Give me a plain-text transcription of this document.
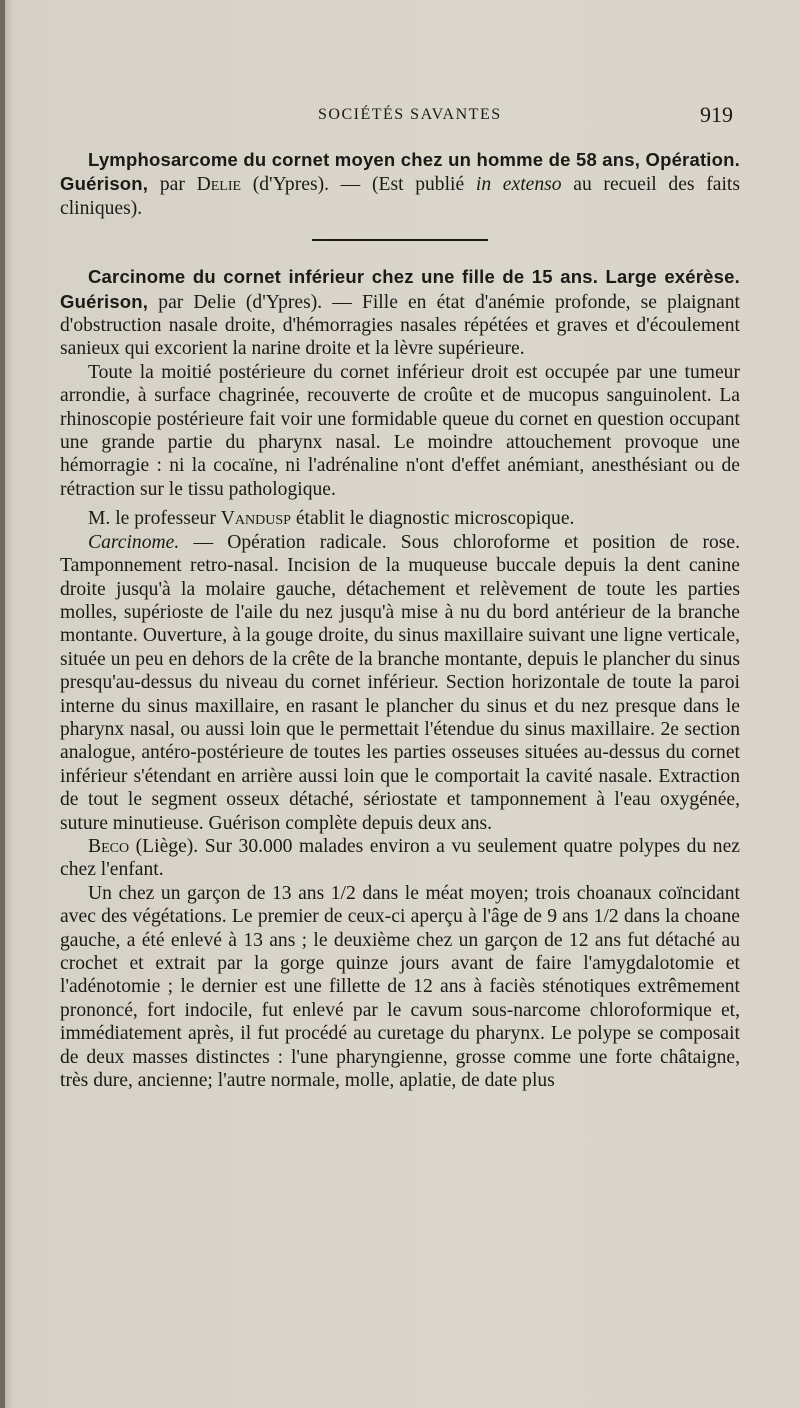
SOCIÉTÉS SAVANTES	919

Lymphosarcome du cornet moyen chez un homme de 58 ans, Opération. Guérison, par Delie (d'Ypres). — (Est publié in extenso au recueil des faits cliniques).

Carcinome du cornet inférieur chez une fille de 15 ans. Large exérèse. Guérison, par Delie (d'Ypres). — Fille en état d'anémie profonde, se plaignant d'obstruction nasale droite, d'hémorragies nasales répétées et graves et d'écoulement sanieux qui excorient la narine droite et la lèvre supérieure.

Toute la moitié postérieure du cornet inférieur droit est occupée par une tumeur arrondie, à surface chagrinée, recouverte de croûte et de mucopus sanguinolent. La rhinoscopie postérieure fait voir une formidable queue du cornet en question occupant une grande partie du pharynx nasal. Le moindre attouchement provoque une hémorragie : ni la cocaïne, ni l'adrénaline n'ont d'effet anémiant, anesthésiant ou de rétraction sur le tissu pathologique.

M. le professeur Vandusp établit le diagnostic microscopique.

Carcinome. — Opération radicale. Sous chloroforme et position de rose. Tamponnement retro-nasal. Incision de la muqueuse buccale depuis la dent canine droite jusqu'à la molaire gauche, détachement et relèvement de toute les parties molles, supérioste de l'aile du nez jusqu'à mise à nu du bord antérieur de la branche montante. Ouverture, à la gouge droite, du sinus maxillaire suivant une ligne verticale, située un peu en dehors de la crête de la branche montante, depuis le plancher du sinus presqu'au-dessus du niveau du cornet inférieur. Section horizontale de toute la paroi interne du sinus maxillaire, en rasant le plancher du sinus et du nez presque dans le pharynx nasal, ou aussi loin que le permettait l'étendue du sinus maxillaire. 2e section analogue, antéro-postérieure de toutes les parties osseuses situées au-dessus du cornet inférieur s'étendant en arrière aussi loin que le comportait la cavité nasale. Extraction de tout le segment osseux détaché, sériostate et tamponnement à l'eau oxygénée, suture minutieuse. Guérison complète depuis deux ans.

Beco (Liège). Sur 30.000 malades environ a vu seulement quatre polypes du nez chez l'enfant.

Un chez un garçon de 13 ans 1/2 dans le méat moyen; trois choanaux coïncidant avec des végétations. Le premier de ceux-ci aperçu à l'âge de 9 ans 1/2 dans la choane gauche, a été enlevé à 13 ans ; le deuxième chez un garçon de 12 ans fut détaché au crochet et extrait par la gorge quinze jours avant de faire l'amygdalotomie et l'adénotomie ; le dernier est une fillette de 12 ans à faciès sténotiques extrêmement prononcé, fort indocile, fut enlevé par le cavum sous-narcome chloroformique et, immédiatement après, il fut procédé au curetage du pharynx. Le polype se composait de deux masses distinctes : l'une pharyngienne, grosse comme une forte châtaigne, très dure, ancienne; l'autre normale, molle, aplatie, de date plus
